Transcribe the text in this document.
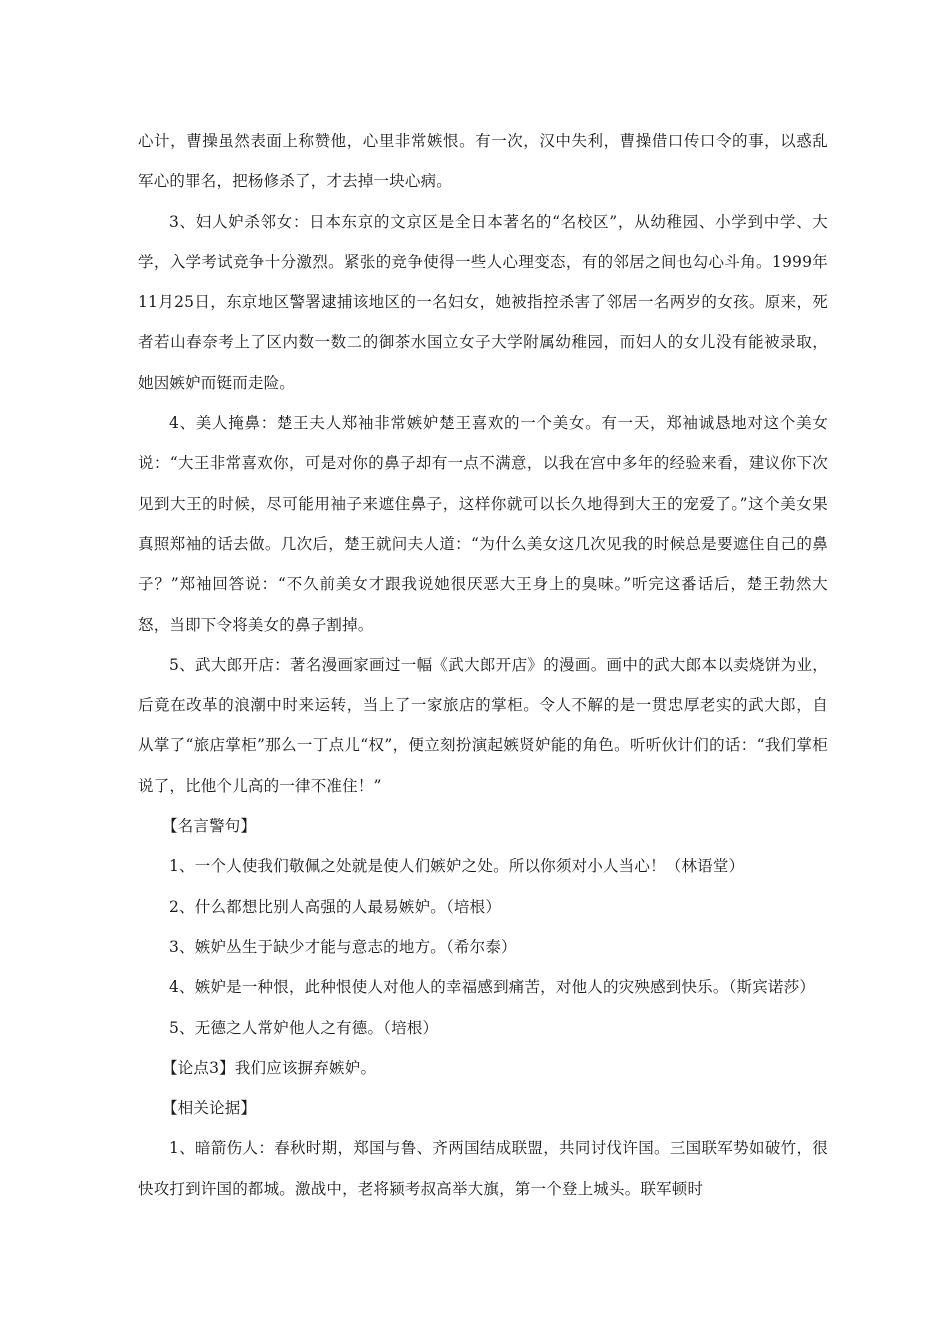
心计，曹操虽然表面上称赞他，心里非常嫉恨。有一次，汉中失利，曹操借口传口令的事，以惑乱军心的罪名，把杨修杀了，才去掉一块心病。

3、妇人妒杀邻女：日本东京的文京区是全日本著名的“名校区”，从幼稚园、小学到中学、大学，入学考试竞争十分激烈。紧张的竞争使得一些人心理变态，有的邻居之间也勾心斗角。1999年11月25日，东京地区警署逮捕该地区的一名妇女，她被指控杀害了邻居一名两岁的女孩。原来，死者若山春奈考上了区内数一数二的御茶水国立女子大学附属幼稚园，而妇人的女儿没有能被录取，她因嫉妒而铤而走险。

4、美人掩鼻：楚王夫人郑袖非常嫉妒楚王喜欢的一个美女。有一天，郑袖诚恳地对这个美女说：“大王非常喜欢你，可是对你的鼻子却有一点不满意，以我在宫中多年的经验来看，建议你下次见到大王的时候，尽可能用袖子来遮住鼻子，这样你就可以长久地得到大王的宠爱了。”这个美女果真照郑袖的话去做。几次后，楚王就问夫人道：“为什么美女这几次见我的时候总是要遮住自己的鼻子？”郑袖回答说：“不久前美女才跟我说她很厌恶大王身上的臭味。”听完这番话后，楚王勃然大怒，当即下令将美女的鼻子割掉。

5、武大郎开店：著名漫画家画过一幅《武大郎开店》的漫画。画中的武大郎本以卖烧饼为业，后竟在改革的浪潮中时来运转，当上了一家旅店的掌柜。令人不解的是一贯忠厚老实的武大郎，自从掌了“旅店掌柜”那么一丁点儿“权”，便立刻扮演起嫉贤妒能的角色。听听伙计们的话：“我们掌柜说了，比他个儿高的一律不准住！”

【名言警句】

1、一个人使我们敬佩之处就是使人们嫉妒之处。所以你须对小人当心！（林语堂）

2、什么都想比别人高强的人最易嫉妒。（培根）

3、嫉妒丛生于缺少才能与意志的地方。（希尔泰）

4、嫉妒是一种恨，此种恨使人对他人的幸福感到痛苦，对他人的灾殃感到快乐。（斯宾诺莎）

5、无德之人常妒他人之有德。（培根）

【论点3】我们应该摒弃嫉妒。

【相关论据】

1、暗箭伤人：春秋时期，郑国与鲁、齐两国结成联盟，共同讨伐许国。三国联军势如破竹，很快攻打到许国的都城。激战中，老将颍考叔高举大旗，第一个登上城头。联军顿时
